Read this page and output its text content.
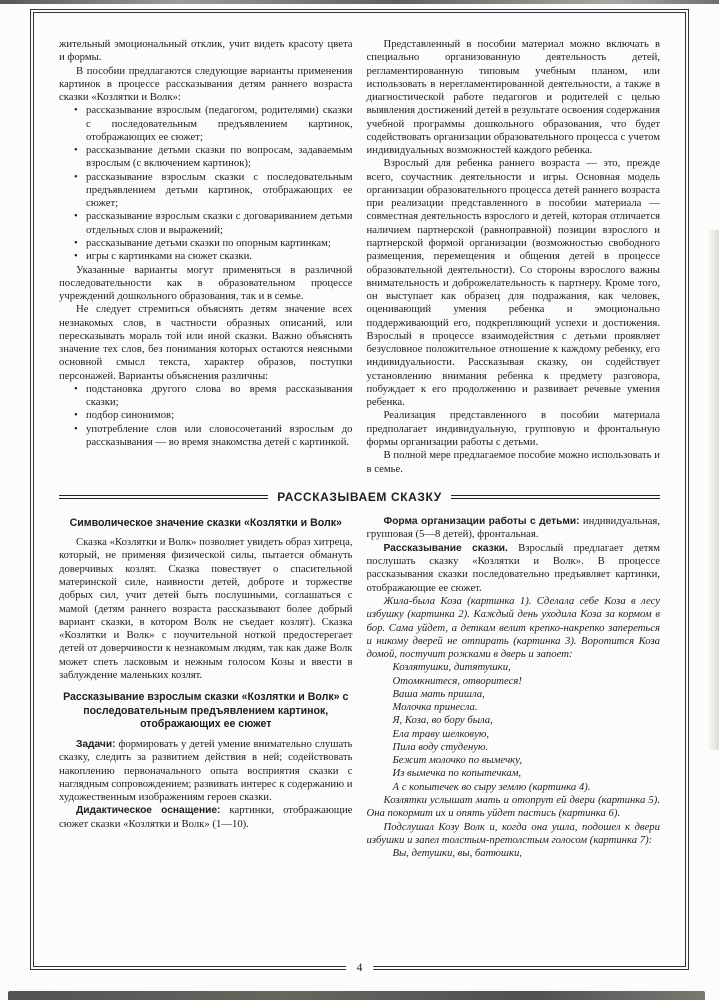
жительный эмоциональный отклик, учит видеть красоту цвета и формы.

В пособии предлагаются следующие варианты применения картинок в процессе рассказывания детям раннего возраста сказки «Козлятки и Волк»:

• рассказывание взрослым (педагогом, родителями) сказки с последовательным предъявлением картинок, отображающих ее сюжет;
• рассказывание детьми сказки по вопросам, задаваемым взрослым (с включением картинок);
• рассказывание взрослым сказки с последовательным предъявлением детьми картинок, отображающих ее сюжет;
• рассказывание взрослым сказки с договариванием детьми отдельных слов и выражений;
• рассказывание детьми сказки по опорным картинкам;
• игры с картинками на сюжет сказки.

Указанные варианты могут применяться в различной последовательности как в образовательном процессе учреждений дошкольного образования, так и в семье.

Не следует стремиться объяснять детям значение всех незнакомых слов, в частности образных описаний, или пересказывать мораль той или иной сказки. Важно объяснять значение тех слов, без понимания которых остаются неясными основной смысл текста, характер образов, поступки персонажей. Варианты объяснения различны:

• подстановка другого слова во время рассказывания сказки;
• подбор синонимов;
• употребление слов или словосочетаний взрослым до рассказывания — во время знакомства детей с картинкой.

Представленный в пособии материал можно включать в специально организованную деятельность детей, регламентированную типовым учебным планом, или использовать в нерегламентированной деятельности, а также в диагностической работе педагогов и родителей с целью выявления достижений детей в результате освоения содержания учебной программы дошкольного образования, что будет содействовать организации образовательного процесса с учетом индивидуальных возможностей каждого ребенка.

Взрослый для ребенка раннего возраста — это, прежде всего, соучастник деятельности и игры. Основная модель организации образовательного процесса детей раннего возраста при реализации представленного в пособии материала — совместная деятельность взрослого и детей, которая отличается наличием партнерской (равноправной) позиции взрослого и партнерской формой организации (возможностью свободного размещения, перемещения и общения детей в процессе образовательной деятельности). Со стороны взрослого важны внимательность и доброжелательность к партнеру. Кроме того, он выступает как образец для подражания, как человек, оценивающий умения ребенка и эмоционально поддерживающий его, подкрепляющий успехи и достижения. Взрослый в процессе взаимодействия с детьми проявляет безусловное положительное отношение к каждому ребенку, его индивидуальности. Рассказывая сказку, он содействует установлению внимания ребенка к предмету разговора, побуждает к его продолжению и развивает речевые умения ребенка.

Реализация представленного в пособии материала предполагает индивидуальную, групповую и фронтальную формы организации работы с детьми.

В полной мере предлагаемое пособие можно использовать и в семье.

РАССКАЗЫВАЕМ СКАЗКУ
Символическое значение сказки «Козлятки и Волк»

Сказка «Козлятки и Волк» позволяет увидеть образ хитреца, который, не применяя физической силы, пытается обмануть доверчивых козлят. Сказка повествует о спасительной материнской силе, наивности детей, доброте и торжестве добрых сил, учит детей быть послушными, соглашаться с мамой (детям раннего возраста рассказывают более добрый вариант сказки, в котором Волк не съедает козлят). Сказка «Козлятки и Волк» с поучительной ноткой предостерегает детей от доверчивости к незнакомым людям, так как даже Волк может спеть ласковым и нежным голосом Козы и ввести в заблуждение маленьких козлят.

Рассказывание взрослым сказки «Козлятки и Волк» с последовательным предъявлением картинок, отображающих ее сюжет

Задачи: формировать у детей умение внимательно слушать сказку, следить за развитием действия в ней; содействовать накоплению первоначального опыта восприятия сказки с наглядным сопровождением; развивать интерес к содержанию и художественным изображениям героев сказки.

Дидактическое оснащение: картинки, отображающие сюжет сказки «Козлятки и Волк» (1—10).

Форма организации работы с детьми: индивидуальная, групповая (5—8 детей), фронтальная.

Рассказывание сказки. Взрослый предлагает детям послушать сказку «Козлятки и Волк». В процессе рассказывания сказки последовательно предъявляет картинки, отображающие ее сюжет.

Жила-была Коза (картинка 1). Сделала себе Коза в лесу избушку (картинка 2). Каждый день уходила Коза за кормом в бор. Сама уйдет, а деткам велит крепко-накрепко запереться и никому дверей не отпирать (картинка 3). Воротится Коза домой, постучит рожками в дверь и запоет:

Козлятушки, дитятушки,
Отомкнитеся, отворитеся!
Ваша мать пришла,
Молочка принесла.
Я, Коза, во бору была,
Ела траву шелковую,
Пила воду студеную.
Бежит молочко по вымечку,
Из вымечка по копытечкам,
А с копытечек во сыру землю (картинка 4).

Козлятки услышат мать и отопрут ей двери (картинка 5). Она покормит их и опять уйдет пастись (картинка 6).

Подслушал Козу Волк и, когда она ушла, подошел к двери избушки и запел толстым-претолстым голосом (картинка 7):

Вы, детушки, вы, батюшки,
4
